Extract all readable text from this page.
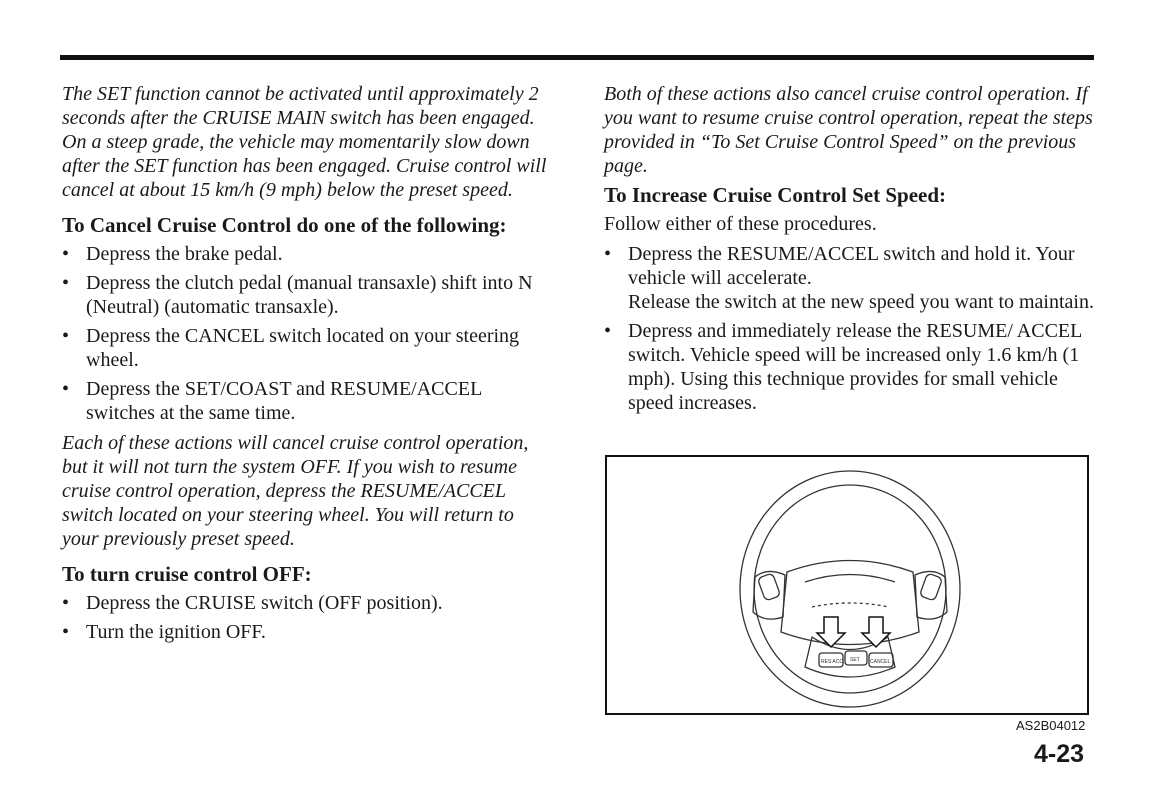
The SET function cannot be activated until approximately 2 seconds after the CRUISE MAIN switch has been engaged.

On a steep grade, the vehicle may momentarily slow down after the SET function has been engaged. Cruise control will cancel at about 15 km/h (9 mph) below the preset speed.

To Cancel Cruise Control do one of the following:

• Depress the brake pedal.
• Depress the clutch pedal (manual transaxle) shift into N (Neutral) (automatic transaxle).
• Depress the CANCEL switch located on your steering wheel.
• Depress the SET/COAST and RESUME/ACCEL switches at the same time.

Each of these actions will cancel cruise control operation, but it will not turn the system OFF. If you wish to resume cruise control operation, depress the RESUME/ACCEL switch located on your steering wheel. You will return to your previously preset speed.

To turn cruise control OFF:

• Depress the CRUISE switch (OFF position).
• Turn the ignition OFF.

Both of these actions also cancel cruise control operation. If you want to resume cruise control operation, repeat the steps provided in “To Set Cruise Control Speed” on the previous page.

To Increase Cruise Control Set Speed:

Follow either of these procedures.

• Depress the RESUME/ACCEL switch and hold it. Your vehicle will accelerate.
Release the switch at the new speed you want to maintain.
• Depress and immediately release the RESUME/ ACCEL switch. Vehicle speed will be increased only 1.6 km/h (1 mph). Using this technique provides for small vehicle speed increases.
RES ACC SET CANCEL
AS2B04012
4-23
